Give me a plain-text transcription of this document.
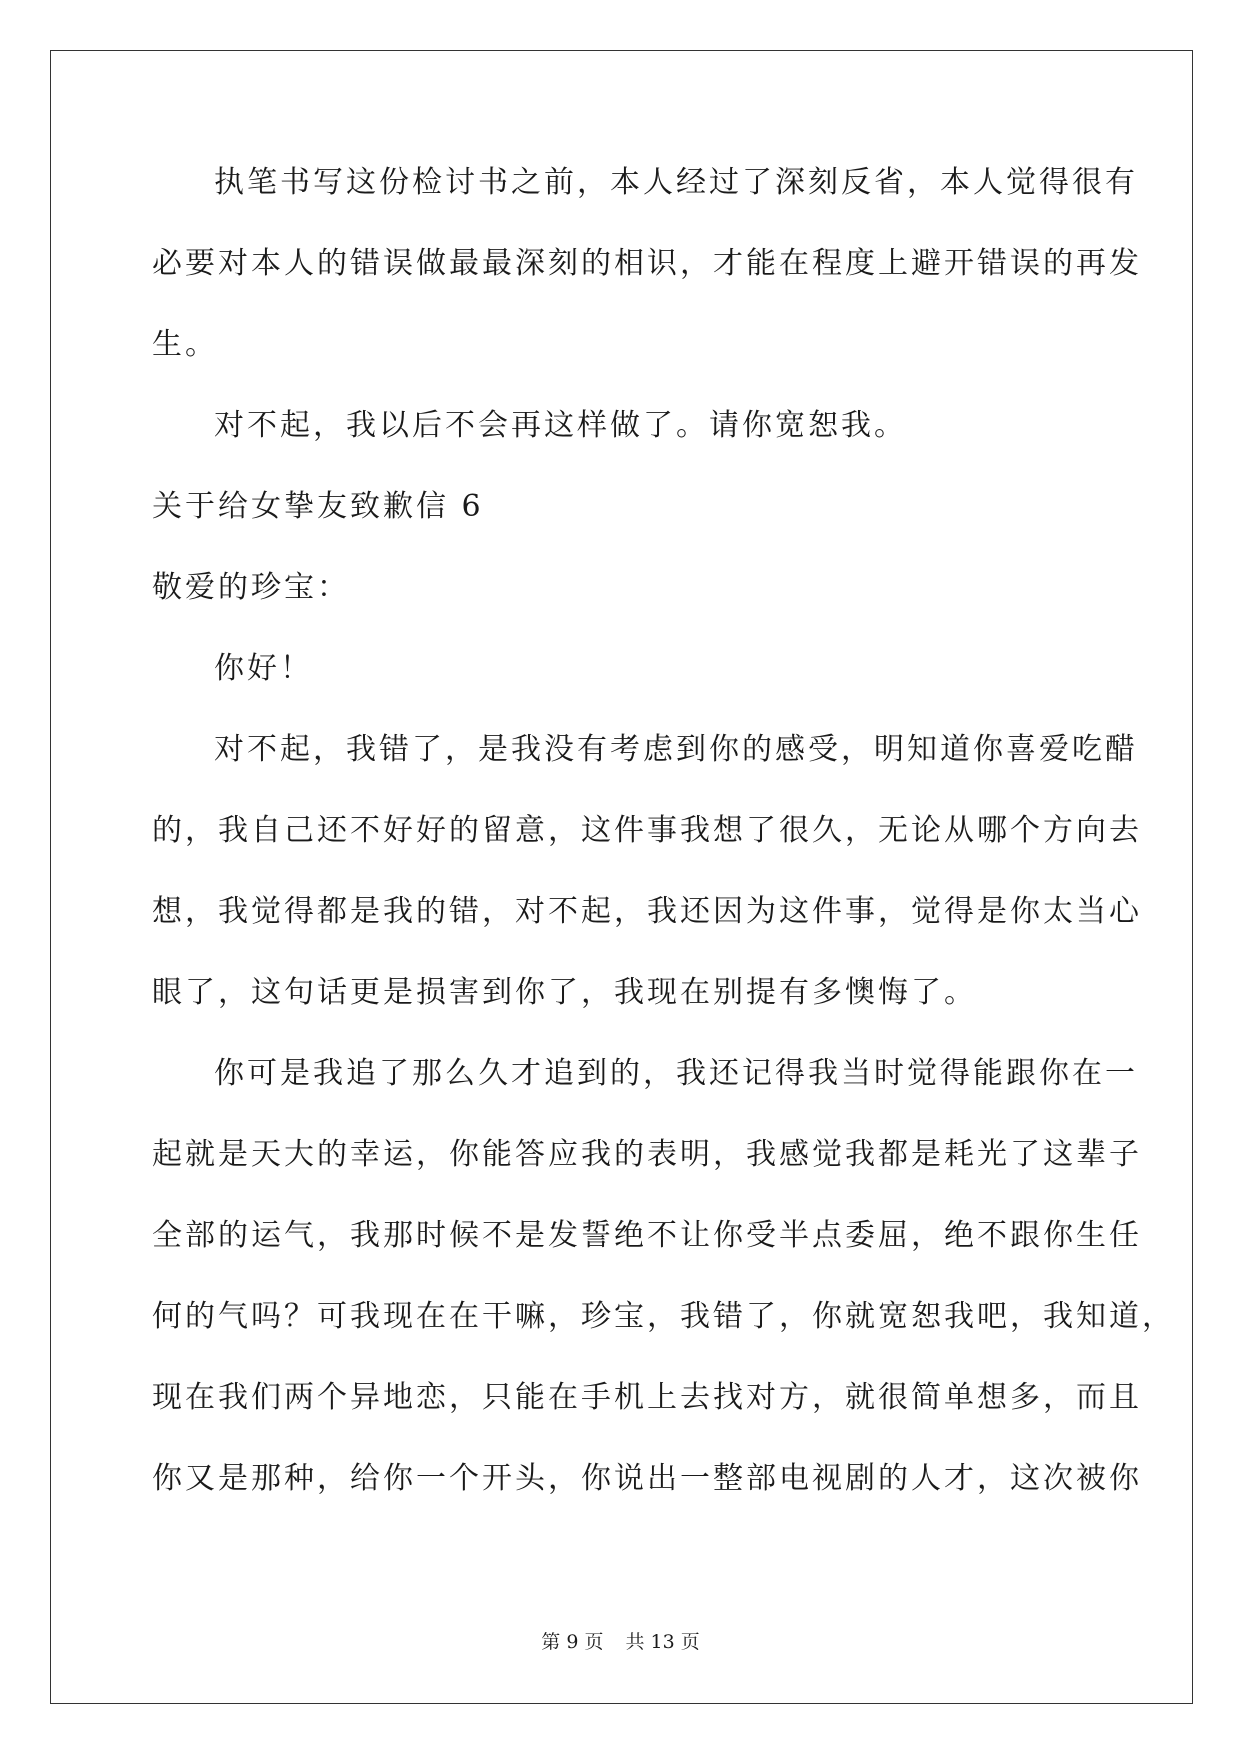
执笔书写这份检讨书之前，本人经过了深刻反省，本人觉得很有
必要对本人的错误做最最深刻的相识，才能在程度上避开错误的再发
生。
对不起，我以后不会再这样做了。请你宽恕我。
关于给女挚友致歉信 6
敬爱的珍宝：
你好！
对不起，我错了，是我没有考虑到你的感受，明知道你喜爱吃醋
的，我自己还不好好的留意，这件事我想了很久，无论从哪个方向去
想，我觉得都是我的错，对不起，我还因为这件事，觉得是你太当心
眼了，这句话更是损害到你了，我现在别提有多懊悔了。
你可是我追了那么久才追到的，我还记得我当时觉得能跟你在一
起就是天大的幸运，你能答应我的表明，我感觉我都是耗光了这辈子
全部的运气，我那时候不是发誓绝不让你受半点委屈，绝不跟你生任
何的气吗？可我现在在干嘛，珍宝，我错了，你就宽恕我吧，我知道，
现在我们两个异地恋，只能在手机上去找对方，就很简单想多，而且
你又是那种，给你一个开头，你说出一整部电视剧的人才，这次被你
第 9 页 共 13 页
